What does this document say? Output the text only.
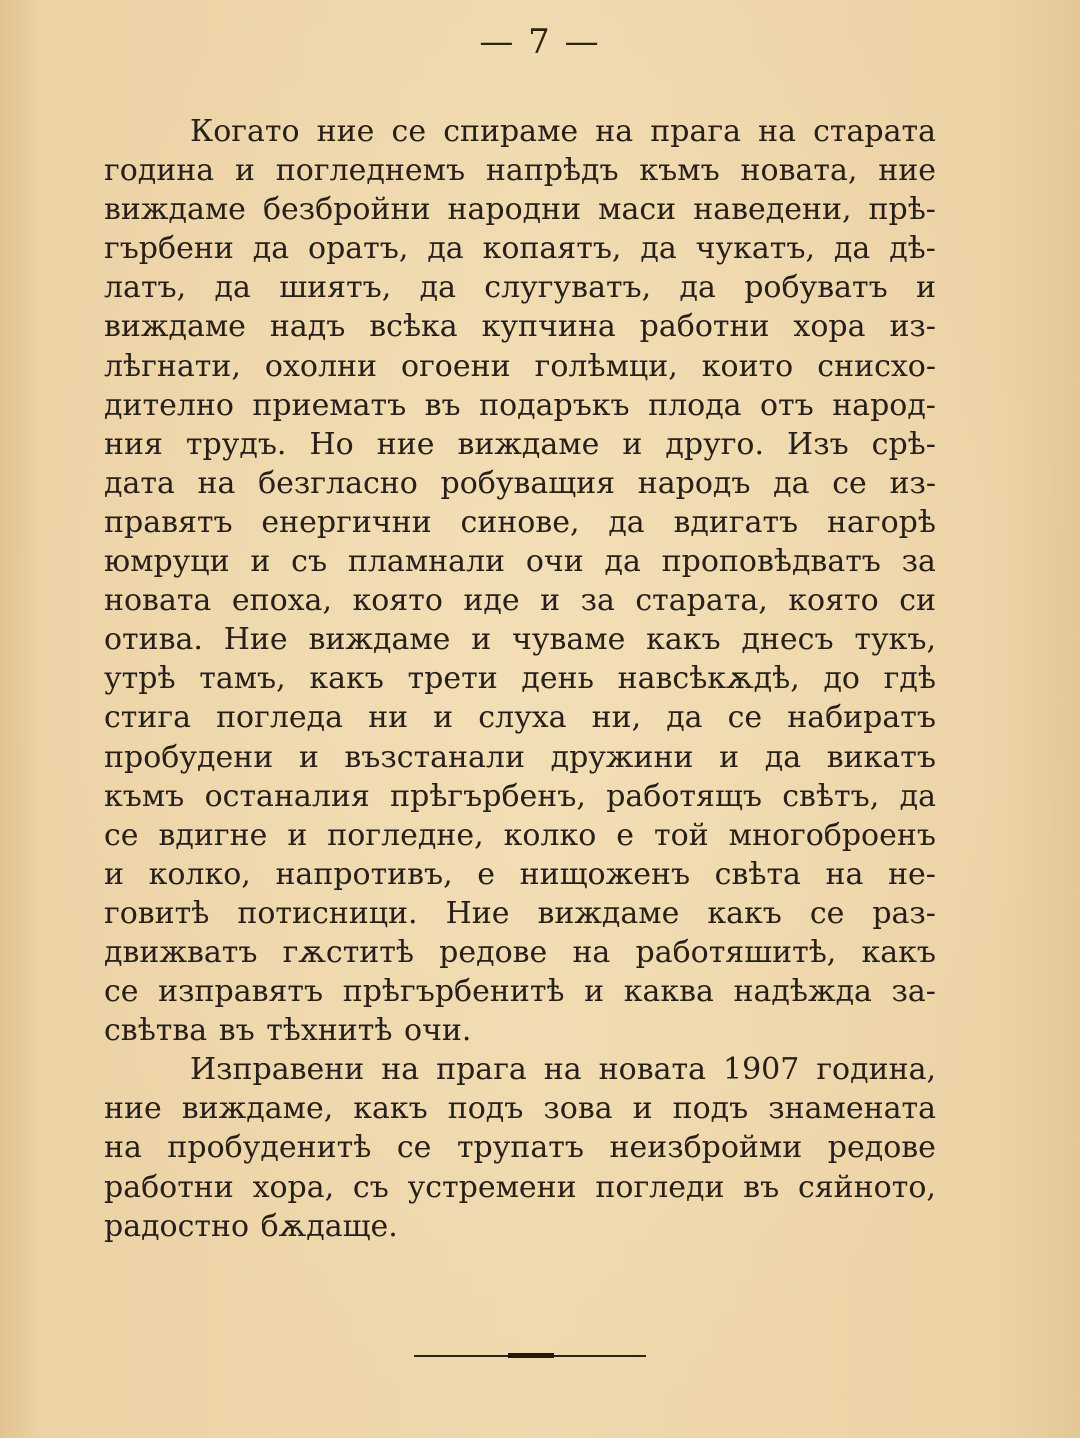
— 7 —
Когато ние се спираме на прага на старата
година и погледнемъ напрѣдъ къмъ новата, ние
виждаме безбройни народни маси наведени, прѣ-
гърбени да оратъ, да копаятъ, да чукатъ, да дѣ-
латъ, да шиятъ, да слугуватъ, да робуватъ и
виждаме надъ всѣка купчина работни хора из-
лѣгнати, охолни огоени голѣмци, които снисхо-
дително приематъ въ подаръкъ плода отъ народ-
ния трудъ. Но ние виждаме и друго. Изъ срѣ-
дата на безгласно робуващия народъ да се из-
правятъ енергични синове, да вдигатъ нагорѣ
юмруци и съ пламнали очи да проповѣдватъ за
новата епоха, която иде и за старата, която си
отива. Ние виждаме и чуваме какъ днесъ тукъ,
утрѣ тамъ, какъ трети день навсѣкѫдѣ, до гдѣ
стига погледа ни и слуха ни, да се набиратъ
пробудени и възстанали дружини и да викатъ
къмъ останалия прѣгърбенъ, работящъ свѣтъ, да
се вдигне и погледне, колко е той многоброенъ
и колко, напротивъ, е нищоженъ свѣта на не-
говитѣ потисници. Ние виждаме какъ се раз-
движватъ гѫститѣ редове на работяшитѣ, какъ
се изправятъ прѣгърбенитѣ и каква надѣжда за-
свѣтва въ тѣхнитѣ очи.
Изправени на прага на новата 1907 година,
ние виждаме, какъ подъ зова и подъ знамената
на пробуденитѣ се трупатъ неизбройми редове
работни хора, съ устремени погледи въ сяйното,
радостно бѫдаще.
